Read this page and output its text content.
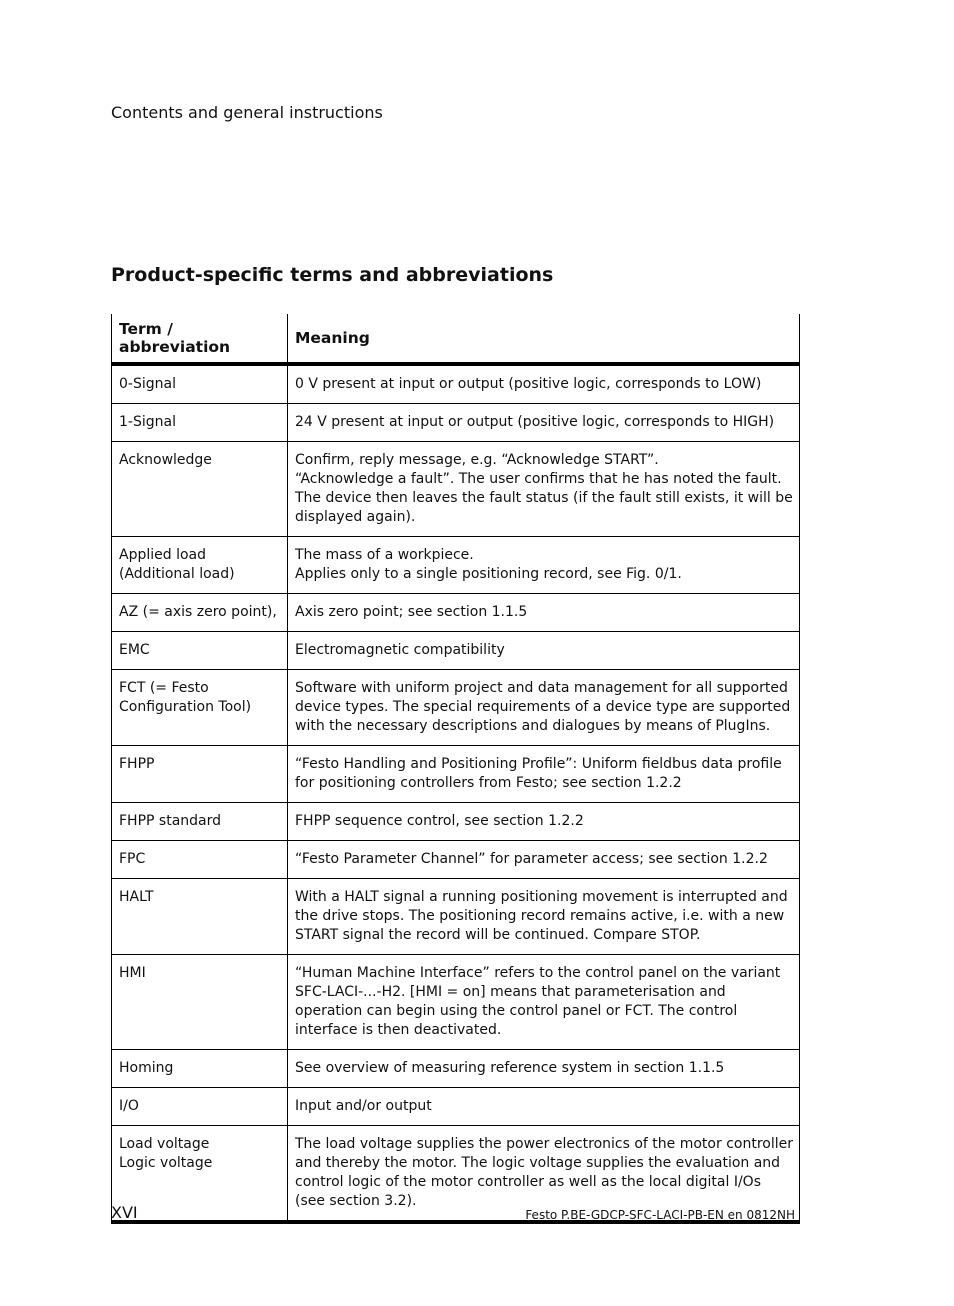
Contents and general instructions
Product-specific terms and abbreviations
Term / abbreviation	Meaning
0-Signal	0 V present at input or output (positive logic, corresponds to LOW)
1-Signal	24 V present at input or output (positive logic, corresponds to HIGH)
Acknowledge	Confirm, reply message, e.g. “Acknowledge START”.
“Acknowledge a fault”. The user confirms that he has noted the fault. The device then leaves the fault status (if the fault still exists, it will be displayed again).
Applied load
(Additional load)	The mass of a workpiece.
Applies only to a single positioning record, see Fig. 0/1.
AZ (= axis zero point),	Axis zero point; see section 1.1.5
EMC	Electromagnetic compatibility
FCT (= Festo Configuration Tool)	Software with uniform project and data management for all supported device types. The special requirements of a device type are supported with the necessary descriptions and dialogues by means of PlugIns.
FHPP	“Festo Handling and Positioning Profile”: Uniform fieldbus data profile for positioning controllers from Festo; see section 1.2.2
FHPP standard	FHPP sequence control, see section 1.2.2
FPC	“Festo Parameter Channel” for parameter access; see section 1.2.2
HALT	With a HALT signal a running positioning movement is interrupted and the drive stops. The positioning record remains active, i.e. with a new START signal the record will be continued. Compare STOP.
HMI	“Human Machine Interface” refers to the control panel on the variant SFC-LACI-...-H2. [HMI = on] means that parameterisation and operation can begin using the control panel or FCT. The control interface is then deactivated.
Homing	See overview of measuring reference system in section 1.1.5
I/O	Input and/or output
Load voltage
Logic voltage	The load voltage supplies the power electronics of the motor controller and thereby the motor. The logic voltage supplies the evaluation and control logic of the motor controller as well as the local digital I/Os
(see section 3.2).
XVI	Festo P.BE-GDCP-SFC-LACI-PB-EN en 0812NH
